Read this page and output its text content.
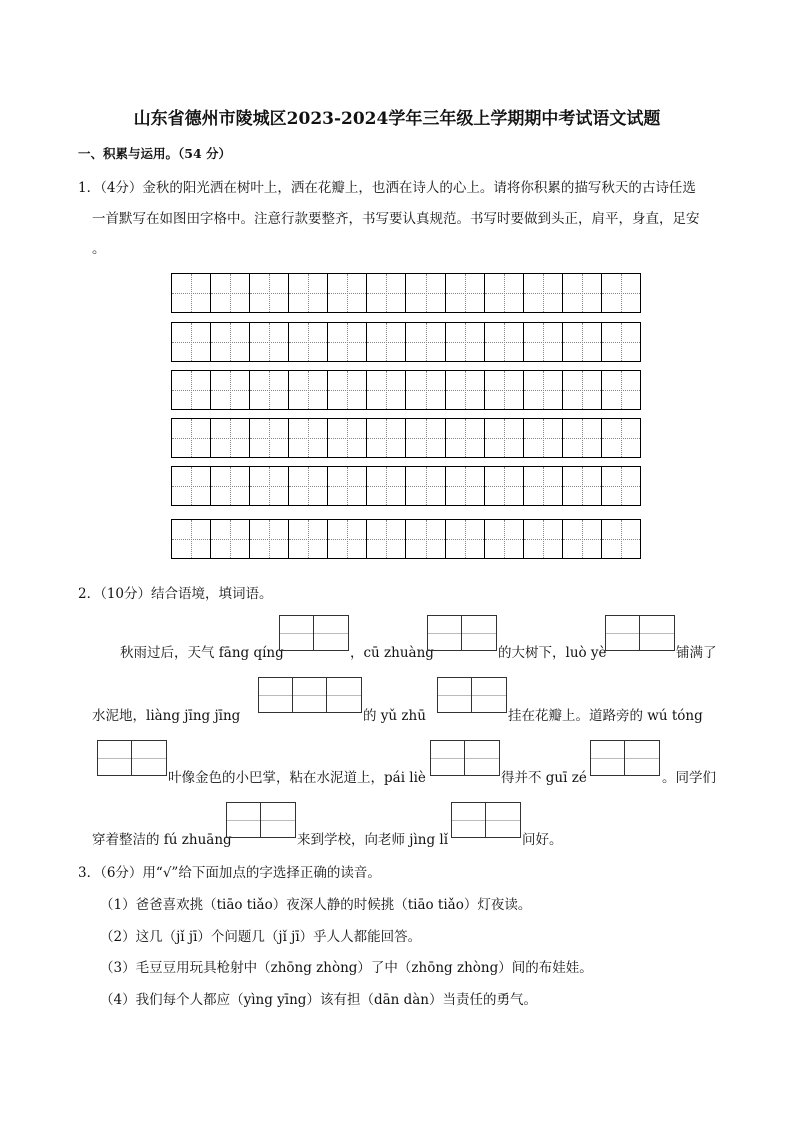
山东省德州市陵城区2023-2024学年三年级上学期期中考试语文试题
一、积累与运用。（54 分）
1．（4分）金秋的阳光洒在树叶上，洒在花瓣上，也洒在诗人的心上。请将你积累的描写秋天的古诗任选
一首默写在如图田字格中。注意行款要整齐，书写要认真规范。书写时要做到头正，肩平，身直，足安
。
2．（10分）结合语境，填词语。
秋雨过后，天气 fāng qíng	，cū zhuàng	的大树下，luò yè	铺满了
水泥地，liàng jīng jīng	的 yǔ zhū	挂在花瓣上。道路旁的 wú tóng
叶像金色的小巴掌，粘在水泥道上，pái liè	得并不 guī zé	。同学们
穿着整洁的 fú zhuāng	来到学校，向老师 jìng lǐ	问好。
3．（6分）用“√”给下面加点的字选择正确的读音。
（1）爸爸喜欢挑（tiāo tiǎo）夜深人静的时候挑（tiāo tiǎo）灯夜读。
（2）这几（jǐ jī）个问题几（jǐ jī）乎人人都能回答。
（3）毛豆豆用玩具枪射中（zhōng zhòng）了中（zhōng zhòng）间的布娃娃。
（4）我们每个人都应（yìng yīng）该有担（dān dàn）当责任的勇气。
